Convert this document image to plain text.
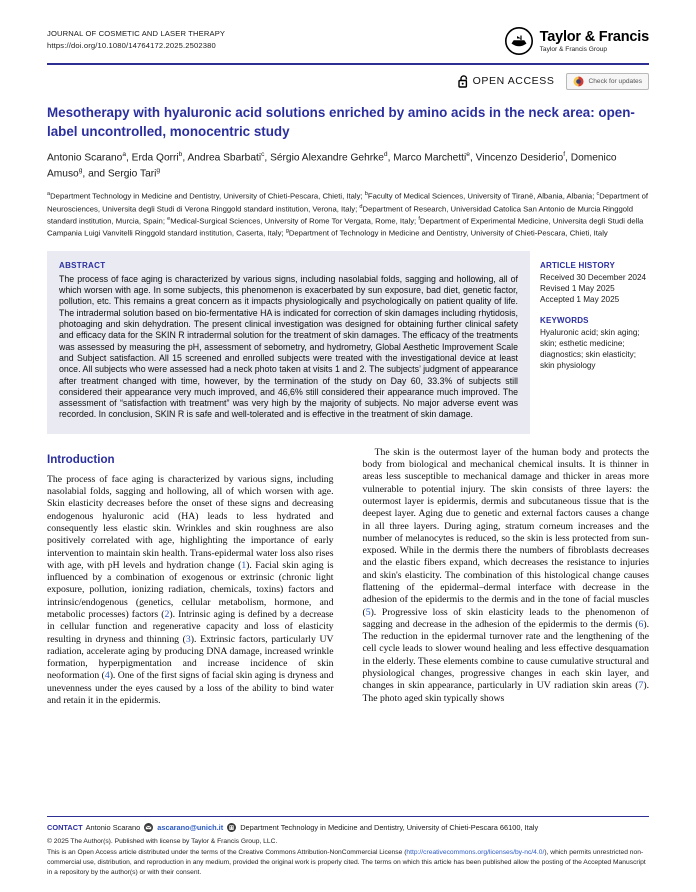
JOURNAL OF COSMETIC AND LASER THERAPY
https://doi.org/10.1080/14764172.2025.2502380
Taylor & Francis
Taylor & Francis Group
OPEN ACCESS	Check for updates
Mesotherapy with hyaluronic acid solutions enriched by amino acids in the neck area: open-label uncontrolled, monocentric study
Antonio Scarano$^a$, Erda Qorri$^b$, Andrea Sbarbati$^c$, Sérgio Alexandre Gehrke$^d$, Marco Marchetti$^e$, Vincenzo Desiderio$^f$, Domenico Amuso$^g$, and Sergio Tari$^g$
$^a$Department Technology in Medicine and Dentistry, University of Chieti-Pescara, Chieti, Italy; $^b$Faculty of Medical Sciences, University of Tiranë, Albania, Albania; $^c$Department of Neurosciences, Universita degli Studi di Verona Ringgold standard institution, Verona, Italy; $^d$Department of Research, Universidad Catolica San Antonio de Murcia Ringgold standard institution, Murcia, Spain; $^e$Medical-Surgical Sciences, University of Rome Tor Vergata, Rome, Italy; $^f$Department of Experimental Medicine, Universita degli Studi della Campania Luigi Vanvitelli Ringgold standard institution, Caserta, Italy; $^g$Department of Technology in Medicine and Dentistry, University of Chieti-Pescara, Chieti, Italy
ABSTRACT
The process of face aging is characterized by various signs, including nasolabial folds, sagging and hollowing, all of which worsen with age. In some subjects, this phenomenon is exacerbated by sun exposure, bad diet, genetic factor, pollution, etc. This remains a great concern as it impacts physiologically and psychologically on patient quality of life. The intradermal solution based on bio-fermentative HA is indicated for correction of skin damages including rhytidosis, photoaging and skin dehydration. The present clinical investigation was designed for obtaining further clinical safety and efficacy data for the SKIN R intradermal solution for the treatment of skin damages. The efficacy of the treatments was assessed by measuring the pH, assessment of sebometry, and hydrometry, Global Aesthetic Improvement Scale and Subject satisfaction. All 15 screened and enrolled subjects were treated with the investigational device at least once. All subjects who were assessed had a neck photo taken at visits 1 and 2. The subjects’ judgment of appearance after treatment changed with time, however, by the termination of the study on Day 60, 33.3% of subjects still considered their appearance very much improved, and 46,6% still considered their appearance much improved. The assessment of “satisfaction with treatment” was very high by the majority of subjects. No major adverse event was recorded. In conclusion, SKIN R is safe and well-tolerated and is effective in the treatment of skin damage.
ARTICLE HISTORY
Received 30 December 2024
Revised 1 May 2025
Accepted 1 May 2025
KEYWORDS
Hyaluronic acid; skin aging; skin; esthetic medicine; diagnostics; skin elasticity; skin physiology
Introduction

The process of face aging is characterized by various signs, including nasolabial folds, sagging and hollowing, all of which worsen with age. Skin elasticity decreases before the onset of these signs and decreasing endogenous hyaluronic acid (HA) leads to less hydrated and consequently less elastic skin. Wrinkles and skin roughness are also positively correlated with age, highlighting the importance of early intervention to maintain skin health. Trans-epidermal water loss also rises with age, with pH levels and hydration change (1). Facial skin aging is influenced by a combination of exogenous or extrinsic (chronic light exposure, pollution, ionizing radiation, chemicals, toxins) factors and intrinsic/endogenous (genetics, cellular metabolism, hormone, and metabolic processes) factors (2). Intrinsic aging is defined by a decrease in cellular function and regenerative capacity and loss of elasticity resulting in dryness and thinning (3). Extrinsic factors, particularly UV radiation, accelerate aging by producing DNA damage, increased wrinkle formation, hyperpigmentation and increase incidence of skin neoformation (4). One of the first signs of facial skin aging is dryness and unevenness under the eyes caused by a loss of the ability to bind water and retain it in the epidermis.

The skin is the outermost layer of the human body and protects the body from biological and mechanical chemical insults. It is thinner in areas less susceptible to mechanical damage and thicker in areas more vulnerable to potential injury. The skin consists of three layers: the outermost layer is epidermis, dermis and subcutaneous tissue that is the deepest layer. Aging due to genetic and external factors causes a change in all three layers. During aging, stratum corneum increases and the number of melanocytes is reduced, so the skin is less protected from sun-exposed. While in the dermis there the numbers of fibroblasts decreases and the elastic fibers expand, which decreases the resistance to injuries and skin's elasticity. The combination of this histological change causes flattening of the epidermal–dermal interface with decrease in the adhesion of the epidermis to the dermis and in the tone of facial muscles (5). Progressive loss of skin elasticity leads to the phenomenon of sagging and decrease in the adhesion of the epidermis to the dermis (6). The reduction in the epidermal turnover rate and the lengthening of the cell cycle leads to slower wound healing and less effective desquamation in the elderly. These elements combine to cause cumulative structural and physiological changes, progressive changes in each skin layer, and changes in skin appearance, particularly in UV radiation skin areas (7). The photo aged skin typically shows

CONTACT Antonio Scarano ascarano@unich.it Department Technology in Medicine and Dentistry, University of Chieti-Pescara 66100, Italy
© 2025 The Author(s). Published with license by Taylor & Francis Group, LLC.
This is an Open Access article distributed under the terms of the Creative Commons Attribution-NonCommercial License (http://creativecommons.org/licenses/by-nc/4.0/), which permits unrestricted non-commercial use, distribution, and reproduction in any medium, provided the original work is properly cited. The terms on which this article has been published allow the posting of the Accepted Manuscript in a repository by the author(s) or with their consent.
